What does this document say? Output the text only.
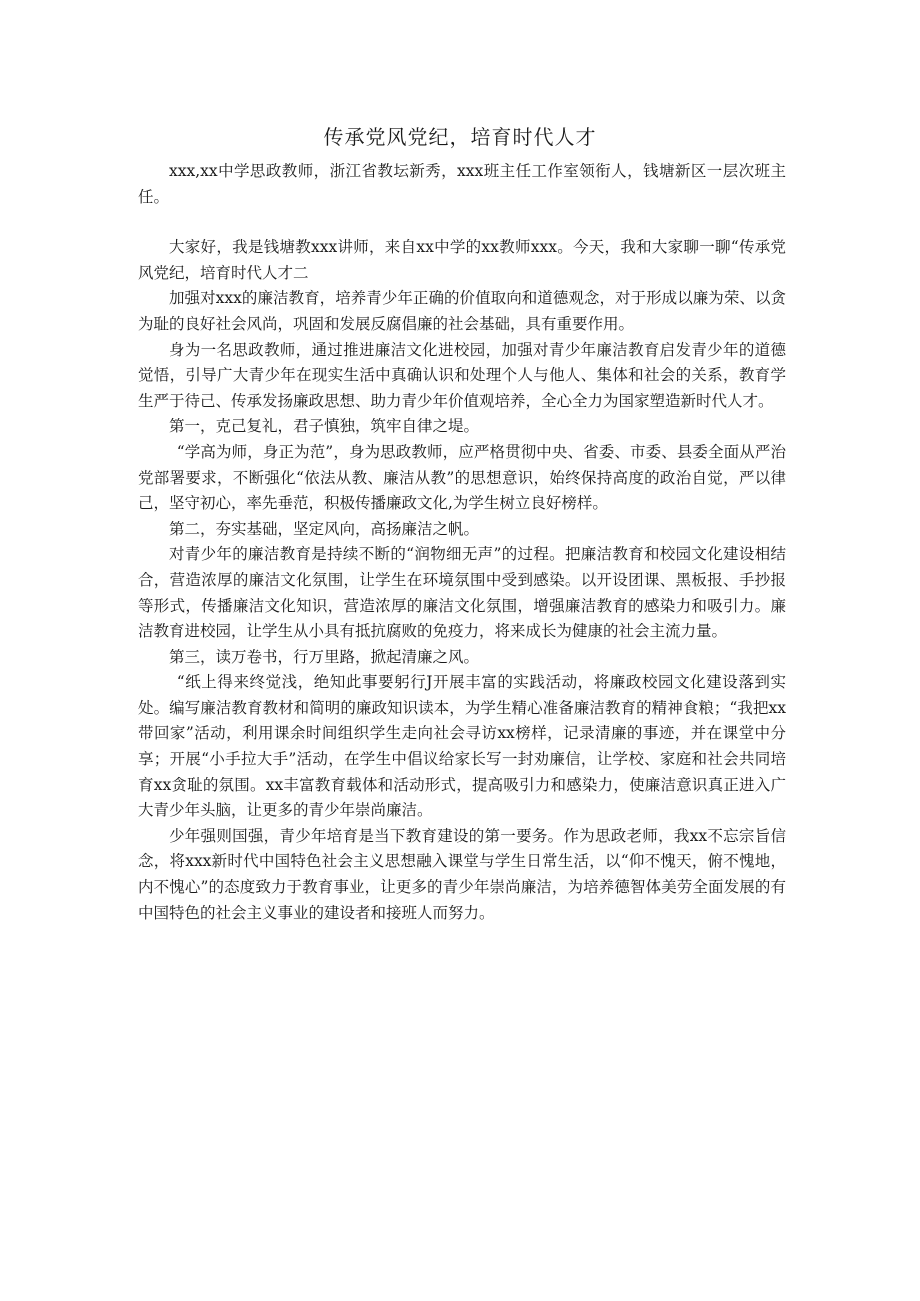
传承党风党纪，培育时代人才

xxx,xx中学思政教师，浙江省教坛新秀，xxx班主任工作室领衔人，钱塘新区一层次班主任。

大家好，我是钱塘教xxx讲师，来自xx中学的xx教师xxx。今天，我和大家聊一聊“传承党风党纪，培育时代人才二

加强对xxx的廉洁教育，培养青少年正确的价值取向和道德观念，对于形成以廉为荣、以贪为耻的良好社会风尚，巩固和发展反腐倡廉的社会基础，具有重要作用。

身为一名思政教师，通过推进廉洁文化进校园，加强对青少年廉洁教育启发青少年的道德觉悟，引导广大青少年在现实生活中真确认识和处理个人与他人、集体和社会的关系，教育学生严于待己、传承发扬廉政思想、助力青少年价值观培养，全心全力为国家塑造新时代人才。

第一，克己复礼，君子慎独，筑牢自律之堤。

“学高为师，身正为范”，身为思政教师，应严格贯彻中央、省委、市委、县委全面从严治党部署要求，不断强化“依法从教、廉洁从教”的思想意识，始终保持高度的政治自觉，严以律己，坚守初心，率先垂范，积极传播廉政文化,为学生树立良好榜样。

第二，夯实基础，坚定风向，高扬廉洁之帆。

对青少年的廉洁教育是持续不断的“润物细无声”的过程。把廉洁教育和校园文化建设相结合，营造浓厚的廉洁文化氛围，让学生在环境氛围中受到感染。以开设团课、黑板报、手抄报等形式，传播廉洁文化知识，营造浓厚的廉洁文化氛围，增强廉洁教育的感染力和吸引力。廉洁教育进校园，让学生从小具有抵抗腐败的免疫力，将来成长为健康的社会主流力量。

第三，读万卷书，行万里路，掀起清廉之风。

“纸上得来终觉浅，绝知此事要躬行J开展丰富的实践活动，将廉政校园文化建设落到实处。编写廉洁教育教材和简明的廉政知识读本，为学生精心准备廉洁教育的精神食粮；“我把xx带回家”活动，利用课余时间组织学生走向社会寻访xx榜样，记录清廉的事迹，并在课堂中分享；开展“小手拉大手”活动，在学生中倡议给家长写一封劝廉信，让学校、家庭和社会共同培育xx贪耻的氛围。xx丰富教育载体和活动形式，提高吸引力和感染力，使廉洁意识真正进入广大青少年头脑，让更多的青少年崇尚廉洁。

少年强则国强，青少年培育是当下教育建设的第一要务。作为思政老师，我xx不忘宗旨信念，将xxx新时代中国特色社会主义思想融入课堂与学生日常生活，以“仰不愧天，俯不愧地，内不愧心”的态度致力于教育事业，让更多的青少年崇尚廉洁，为培养德智体美劳全面发展的有中国特色的社会主义事业的建设者和接班人而努力。
